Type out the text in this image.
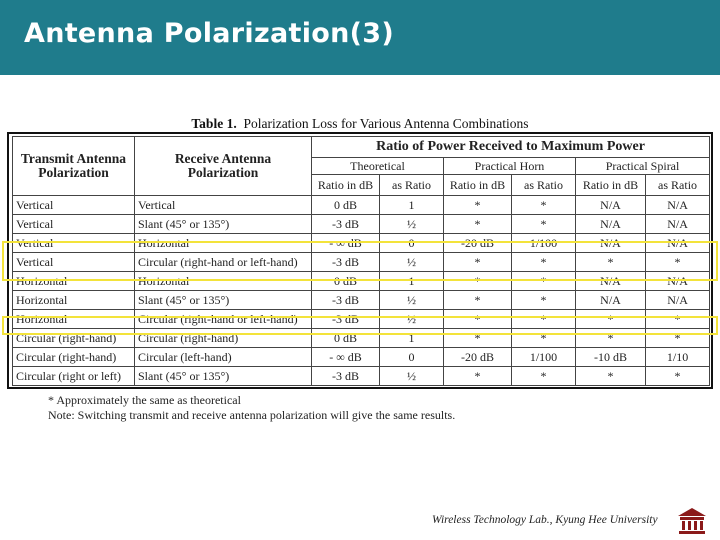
Antenna Polarization(3)
Table 1. Polarization Loss for Various Antenna Combinations
Transmit Antenna Polarization	Receive Antenna Polarization	Ratio of Power Received to Maximum Power					
		Theoretical		Practical Horn		Practical Spiral	
		Ratio in dB	as Ratio	Ratio in dB	as Ratio	Ratio in dB	as Ratio
Vertical	Vertical	0 dB	1	*	*	N/A	N/A
Vertical	Slant (45° or 135°)	-3 dB	½	*	*	N/A	N/A
Vertical	Horizontal	- ∞ dB	0	-20 dB	1/100	N/A	N/A
Vertical	Circular (right-hand or left-hand)	-3 dB	½	*	*	*	*
Horizontal	Horizontal	0 dB	1	*	*	N/A	N/A
Horizontal	Slant (45° or 135°)	-3 dB	½	*	*	N/A	N/A
Horizontal	Circular (right-hand or left-hand)	-3 dB	½	*	*	*	*
Circular (right-hand)	Circular (right-hand)	0 dB	1	*	*	*	*
Circular (right-hand)	Circular (left-hand)	- ∞ dB	0	-20 dB	1/100	-10 dB	1/10
Circular (right or left)	Slant (45° or 135°)	-3 dB	½	*	*	*	*
* Approximately the same as theoretical
Note: Switching transmit and receive antenna polarization will give the same results.
Wireless Technology Lab., Kyung Hee University
